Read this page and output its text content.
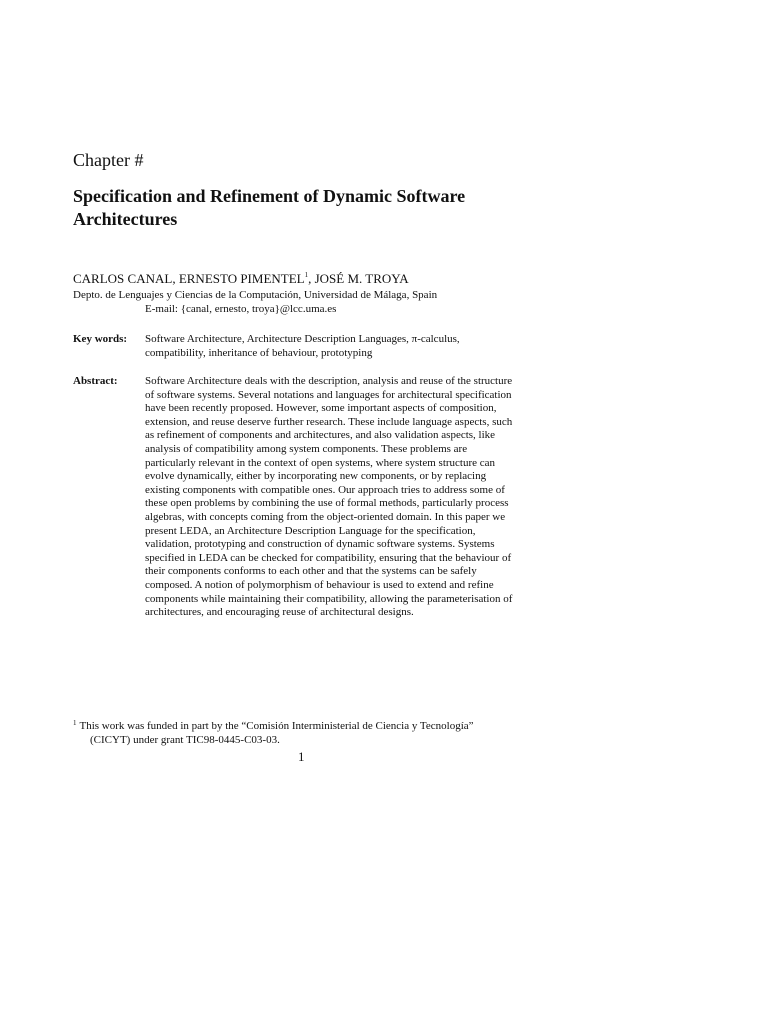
Chapter #
Specification and Refinement of Dynamic Software Architectures
CARLOS CANAL, ERNESTO PIMENTEL$^1$, JOSÉ M. TROYA
Depto. de Lenguajes y Ciencias de la Computación, Universidad de Málaga, Spain
E-mail: {canal, ernesto, troya}@lcc.uma.es
Key words: Software Architecture, Architecture Description Languages, π-calculus, compatibility, inheritance of behaviour, prototyping
Abstract: Software Architecture deals with the description, analysis and reuse of the structure of software systems. Several notations and languages for architectural specification have been recently proposed. However, some important aspects of composition, extension, and reuse deserve further research. These include language aspects, such as refinement of components and architectures, and also validation aspects, like analysis of compatibility among system components. These problems are particularly relevant in the context of open systems, where system structure can evolve dynamically, either by incorporating new components, or by replacing existing components with compatible ones. Our approach tries to address some of these open problems by combining the use of formal methods, particularly process algebras, with concepts coming from the object-oriented domain. In this paper we present LEDA, an Architecture Description Language for the specification, validation, prototyping and construction of dynamic software systems. Systems specified in LEDA can be checked for compatibility, ensuring that the behaviour of their components conforms to each other and that the systems can be safely composed. A notion of polymorphism of behaviour is used to extend and refine components while maintaining their compatibility, allowing the parameterisation of architectures, and encouraging reuse of architectural designs.
$^1$ This work was funded in part by the “Comisión Interministerial de Ciencia y Tecnología”
(CICYT) under grant TIC98-0445-C03-03.
1
